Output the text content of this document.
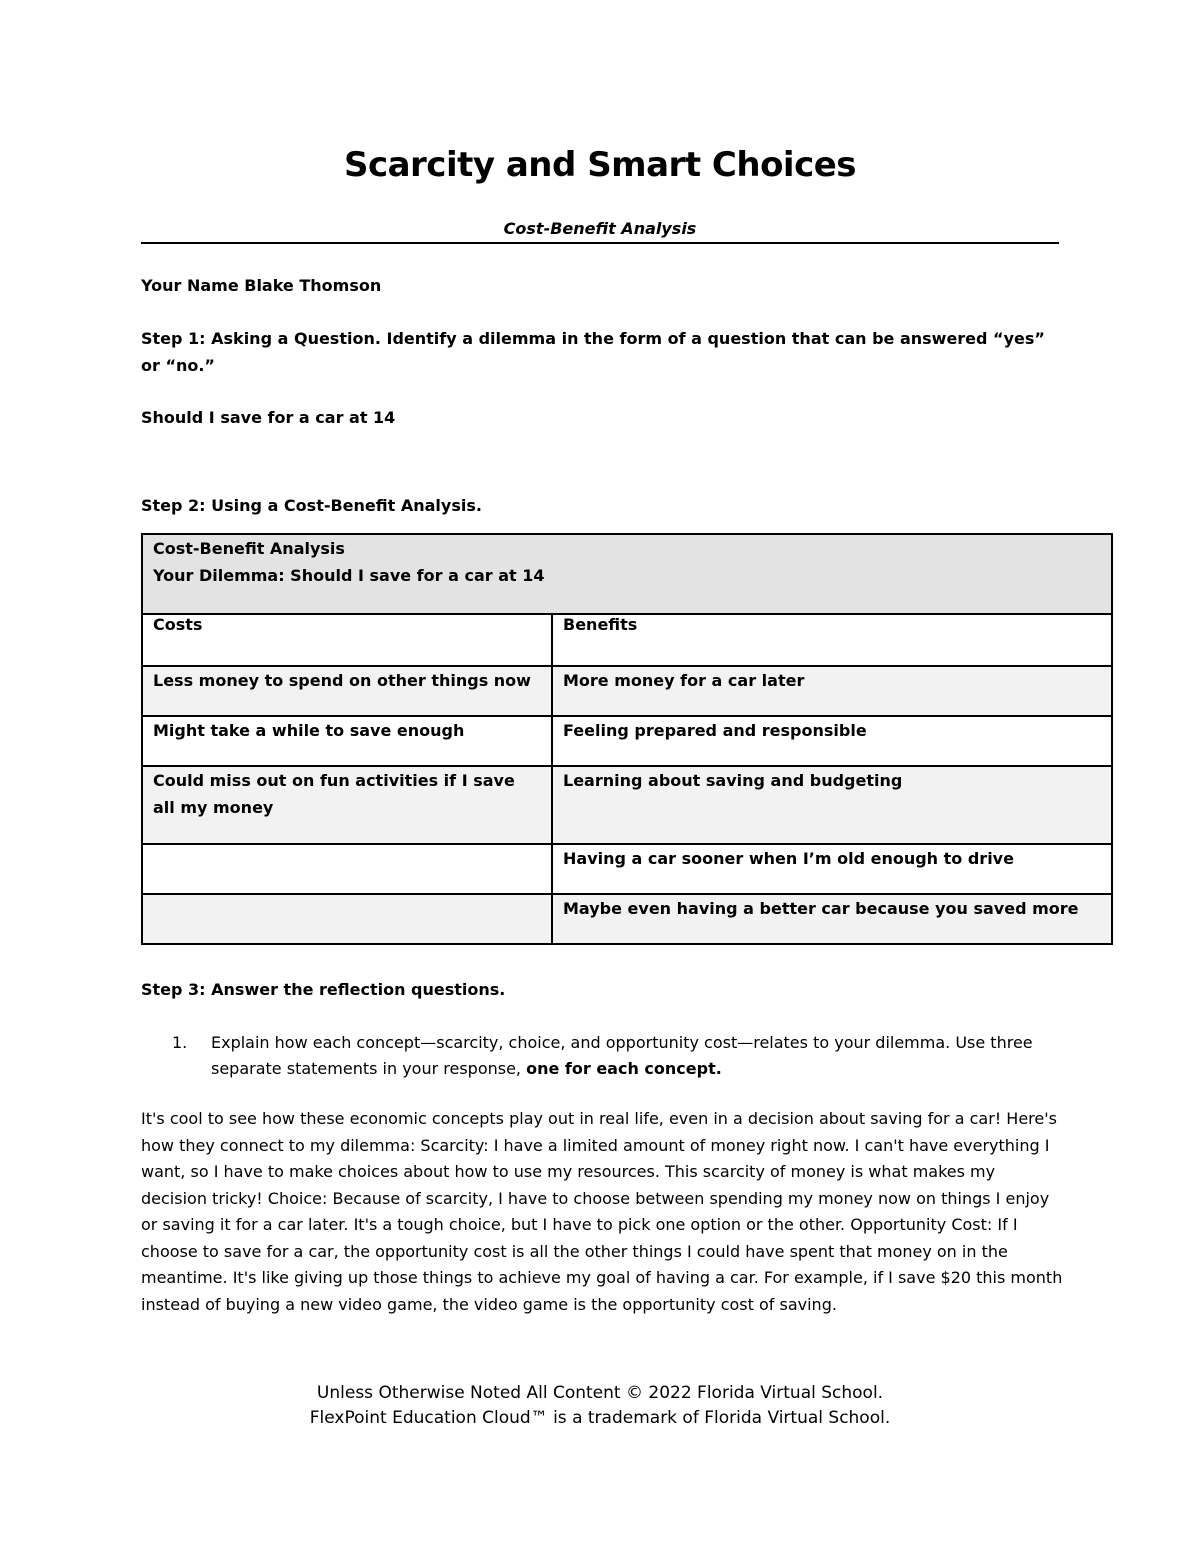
Scarcity and Smart Choices
Cost-Benefit Analysis
Your Name Blake Thomson
Step 1: Asking a Question. Identify a dilemma in the form of a question that can be answered “yes” or “no.”
Should I save for a car at 14
Step 2: Using a Cost-Benefit Analysis.
Cost-Benefit Analysis
Your Dilemma: Should I save for a car at 14	

Costs	Benefits
Less money to spend on other things now	More money for a car later
Might take a while to save enough	Feeling prepared and responsible
Could miss out on fun activities if I save all my money	Learning about saving and budgeting
	Having a car sooner when I’m old enough to drive
	Maybe even having a better car because you saved more
Step 3: Answer the reflection questions.
1. Explain how each concept—scarcity, choice, and opportunity cost—relates to your dilemma. Use three separate statements in your response, one for each concept.
It's cool to see how these economic concepts play out in real life, even in a decision about saving for a car! Here's how they connect to my dilemma: Scarcity: I have a limited amount of money right now. I can't have everything I want, so I have to make choices about how to use my resources. This scarcity of money is what makes my decision tricky! Choice: Because of scarcity, I have to choose between spending my money now on things I enjoy or saving it for a car later. It's a tough choice, but I have to pick one option or the other. Opportunity Cost: If I choose to save for a car, the opportunity cost is all the other things I could have spent that money on in the meantime. It's like giving up those things to achieve my goal of having a car. For example, if I save $20 this month instead of buying a new video game, the video game is the opportunity cost of saving.
Unless Otherwise Noted All Content © 2022 Florida Virtual School.
FlexPoint Education Cloud™ is a trademark of Florida Virtual School.
